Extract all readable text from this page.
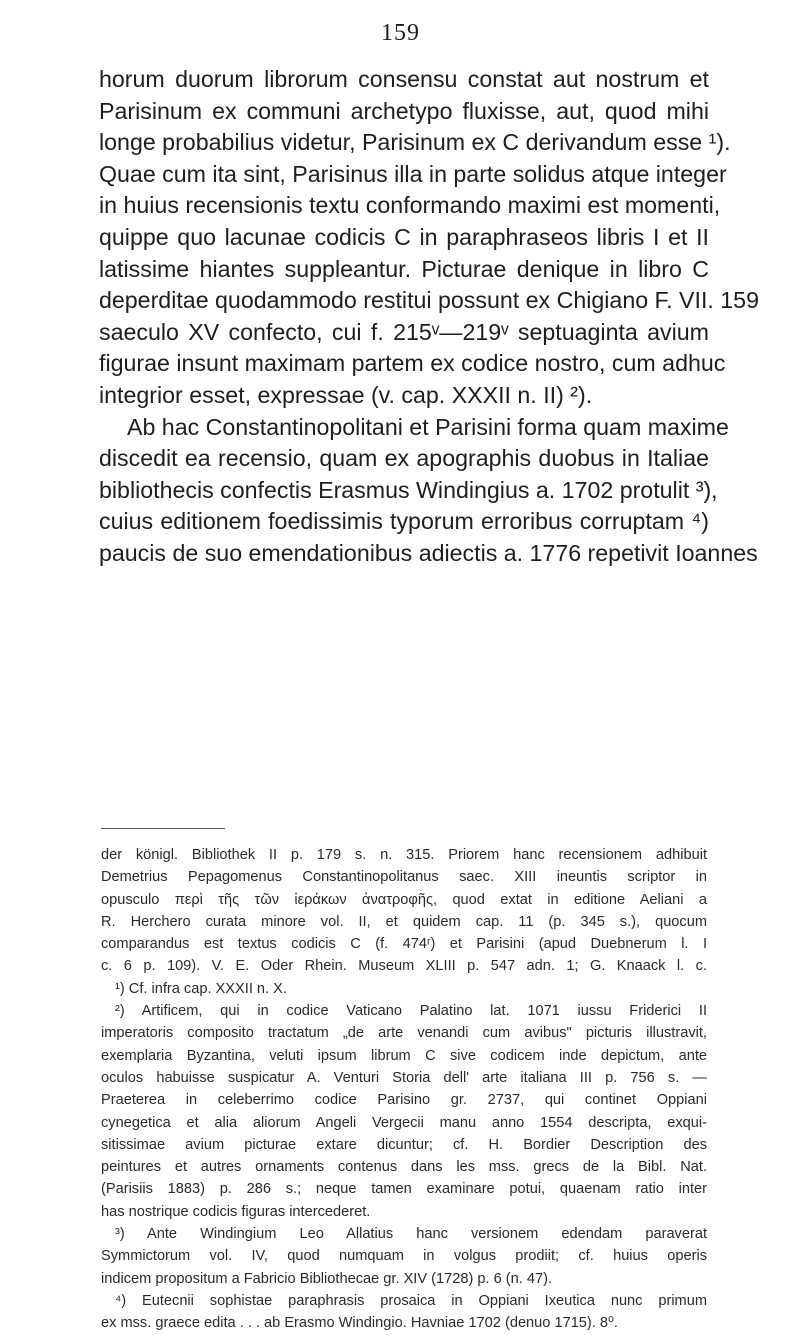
159
horum duorum librorum consensu constat aut nostrum et
Parisinum ex communi archetypo fluxisse, aut, quod mihi
longe probabilius videtur, Parisinum ex C derivandum esse ¹).
Quae cum ita sint, Parisinus illa in parte solidus atque integer
in huius recensionis textu conformando maximi est momenti,
quippe quo lacunae codicis C in paraphraseos libris I et II
latissime hiantes suppleantur. Picturae denique in libro C
deperditae quodammodo restitui possunt ex Chigiano F. VII. 159
saeculo XV confecto, cui f. 215ᵛ—219ᵛ septuaginta avium
figurae insunt maximam partem ex codice nostro, cum adhuc
integrior esset, expressae (v. cap. XXXII n. II) ²).
Ab hac Constantinopolitani et Parisini forma quam maxime
discedit ea recensio, quam ex apographis duobus in Italiae
bibliothecis confectis Erasmus Windingius a. 1702 protulit ³),
cuius editionem foedissimis typorum erroribus corruptam ⁴)
paucis de suo emendationibus adiectis a. 1776 repetivit Ioannes
der königl. Bibliothek II p. 179 s. n. 315. Priorem hanc recensionem adhibuit
Demetrius Pepagomenus Constantinopolitanus saec. XIII ineuntis scriptor in
opusculo περὶ τῆς τῶν ἱεράκων ἀνατροφῆς, quod extat in editione Aeliani a
R. Herchero curata minore vol. II, et quidem cap. 11 (p. 345 s.), quocum
comparandus est textus codicis C (f. 474ʳ) et Parisini (apud Duebnerum l. I
c. 6 p. 109). V. E. Oder Rhein. Museum XLIII p. 547 adn. 1; G. Knaack l. c.
¹) Cf. infra cap. XXXII n. X.
²) Artificem, qui in codice Vaticano Palatino lat. 1071 iussu Friderici II
imperatoris composito tractatum „de arte venandi cum avibus" picturis illustravit,
exemplaria Byzantina, veluti ipsum librum C sive codicem inde depictum, ante
oculos habuisse suspicatur A. Venturi Storia dell' arte italiana III p. 756 s. —
Praeterea in celeberrimo codice Parisino gr. 2737, qui continet Oppiani
cynegetica et alia aliorum Angeli Vergecii manu anno 1554 descripta, exqui-
sitissimae avium picturae extare dicuntur; cf. H. Bordier Description des
peintures et autres ornaments contenus dans les mss. grecs de la Bibl. Nat.
(Parisiis 1883) p. 286 s.; neque tamen examinare potui, quaenam ratio inter
has nostrique codicis figuras intercederet.
³) Ante Windingium Leo Allatius hanc versionem edendam paraverat
Symmictorum vol. IV, quod numquam in volgus prodiit; cf. huius operis
indicem propositum a Fabricio Bibliothecae gr. XIV (1728) p. 6 (n. 47).
⁴) Eutecnii sophistae paraphrasis prosaica in Oppiani Ixeutica nunc primum
ex mss. graece edita . . . ab Erasmo Windingio. Havniae 1702 (denuo 1715). 8⁰.
